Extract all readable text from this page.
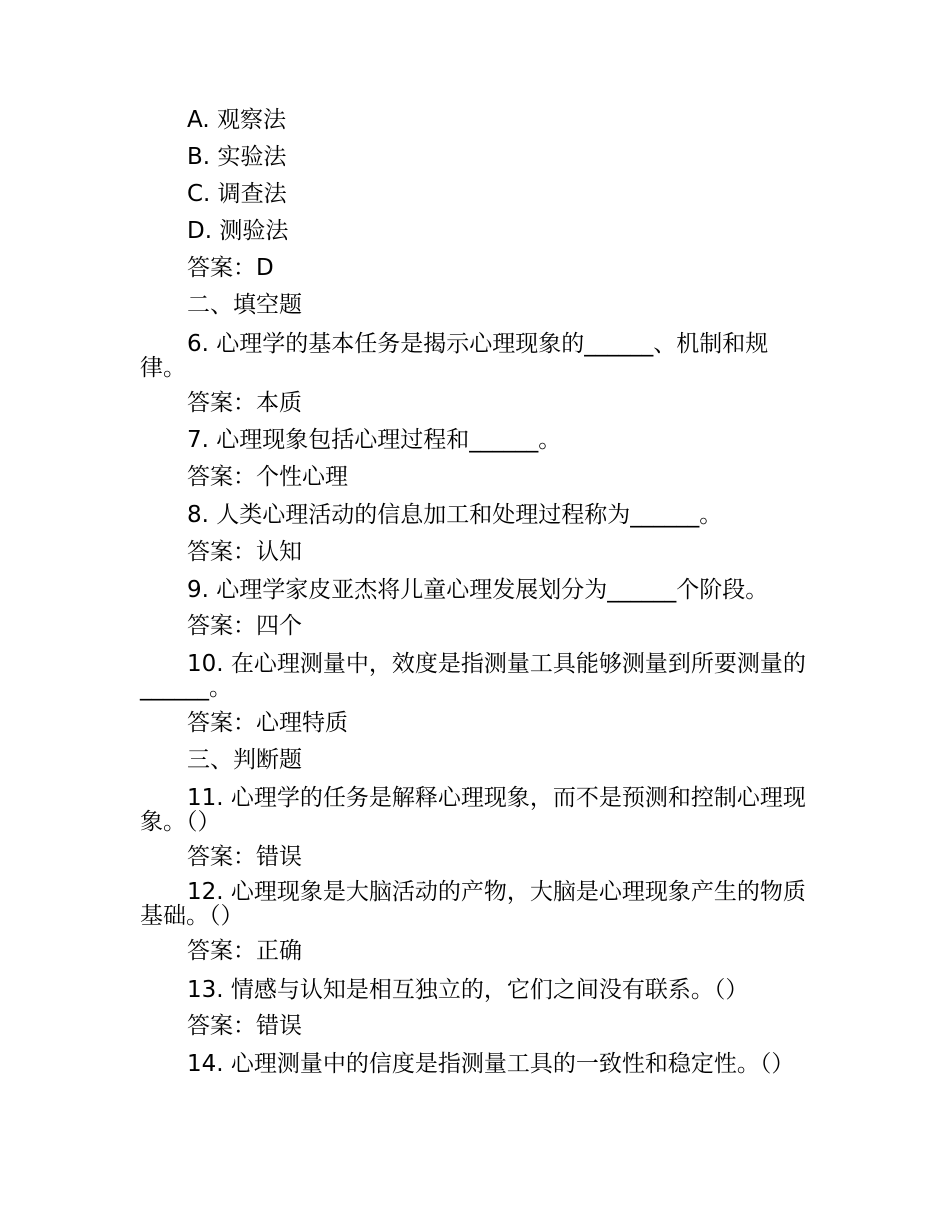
A. 观察法
B. 实验法
C. 调查法
D. 测验法
答案：D
二、填空题
6. 心理学的基本任务是揭示心理现象的______、机制和规律。
答案：本质
7. 心理现象包括心理过程和______。
答案：个性心理
8. 人类心理活动的信息加工和处理过程称为______。
答案：认知
9. 心理学家皮亚杰将儿童心理发展划分为______个阶段。
答案：四个
10. 在心理测量中，效度是指测量工具能够测量到所要测量的______。
答案：心理特质
三、判断题
11. 心理学的任务是解释心理现象，而不是预测和控制心理现象。（）
答案：错误
12. 心理现象是大脑活动的产物，大脑是心理现象产生的物质基础。（）
答案：正确
13. 情感与认知是相互独立的，它们之间没有联系。（）
答案：错误
14. 心理测量中的信度是指测量工具的一致性和稳定性。（）
